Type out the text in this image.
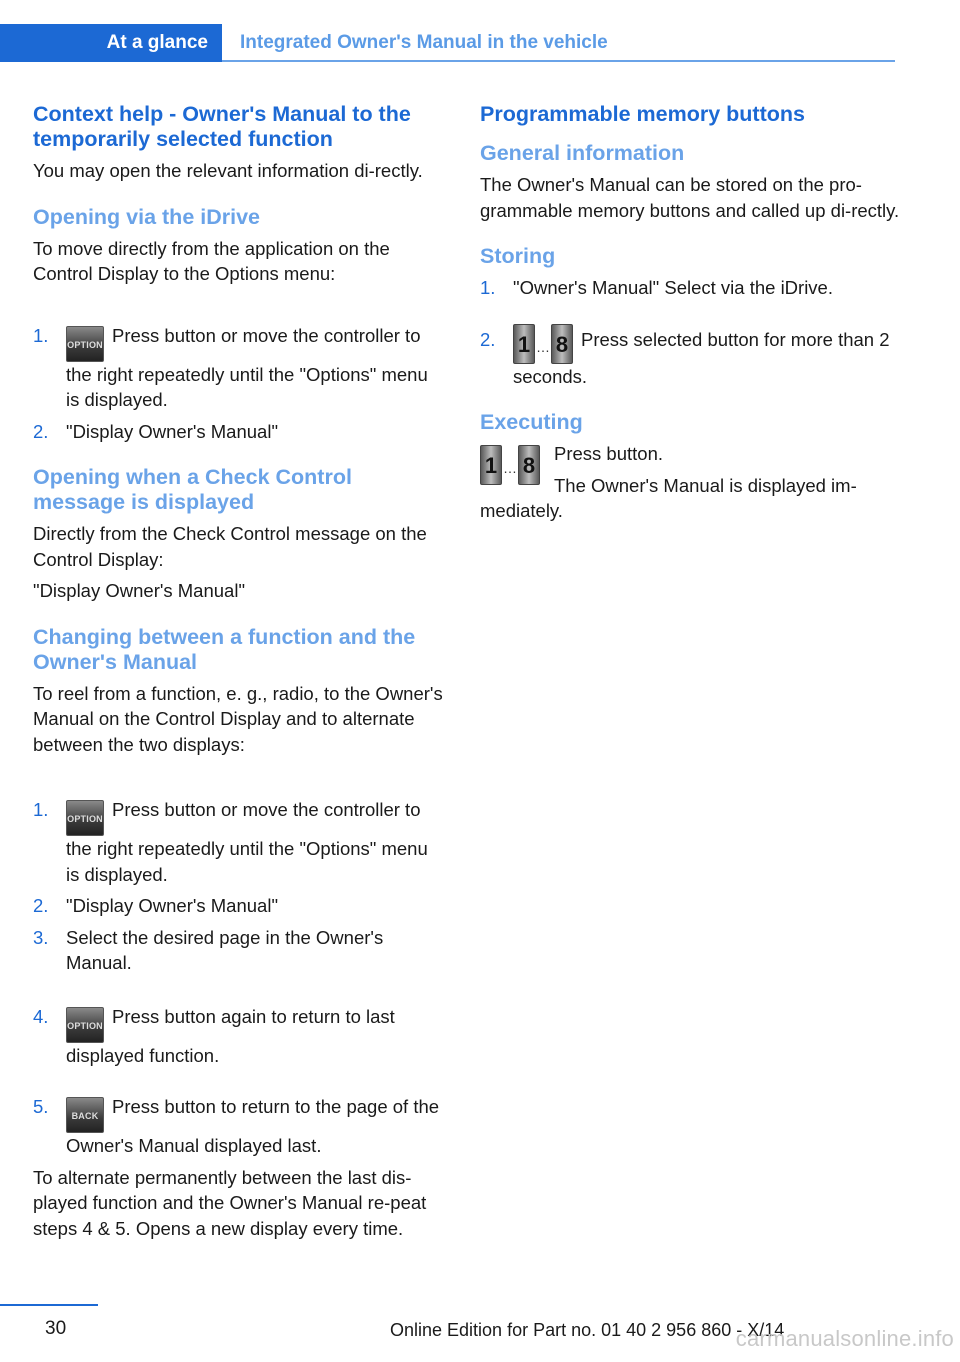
At a glance	Integrated Owner's Manual in the vehicle
Context help - Owner's Manual to the temporarily selected function

You may open the relevant information di‐rectly.

Opening via the iDrive

To move directly from the application on the Control Display to the Options menu:

1. OPTION Press button or move the controller to the right repeatedly until the "Options" menu is displayed.
2. "Display Owner's Manual"
Opening when a Check Control message is displayed

Directly from the Check Control message on the Control Display:

"Display Owner's Manual"

Changing between a function and the Owner's Manual

To reel from a function, e. g., radio, to the Owner's Manual on the Control Display and to alternate between the two displays:

1. OPTION Press button or move the controller to the right repeatedly until the "Options" menu is displayed.
2. "Display Owner's Manual"
3. Select the desired page in the Owner's Manual.
4. OPTION Press button again to return to last displayed function.
5.	BACK Press button to return to the page of the Owner's Manual displayed last.

To alternate permanently between the last dis‐played function and the Owner's Manual re‐peat steps 4 & 5. Opens a new display every time.

Programmable memory buttons
General information

The Owner's Manual can be stored on the pro‐grammable memory buttons and called up di‐rectly.

Storing
1. "Owner's Manual" Select via the iDrive.
2. 1 … 8 Press selected button for more than 2 seconds.
Executing
1 … 8	Press button.

The Owner's Manual is displayed im‐

mediately.

30	Online Edition for Part no. 01 40 2 956 860 - X/14
carmanualsonline.info
